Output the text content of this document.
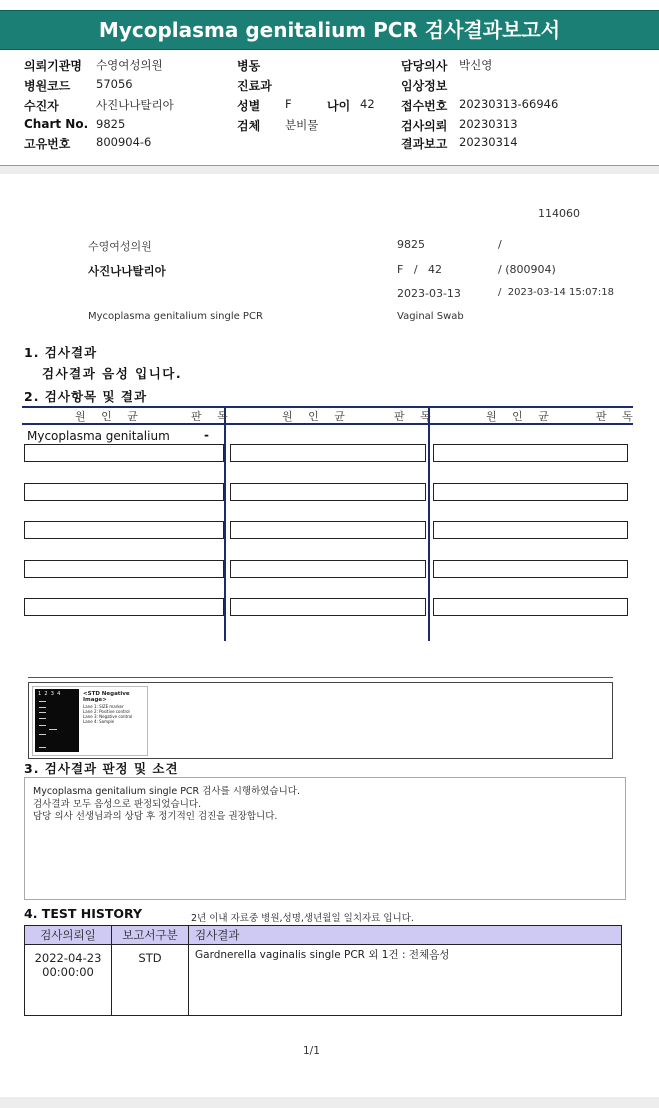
Mycoplasma genitalium PCR 검사결과보고서
의뢰기관명 수영여성의원	병동	담당의사 박신영
병원코드 57056	진료과	임상정보
수진자	사진나나탈리아	성별 F	나이 42 접수번호 20230313-66946
Chart No. 9825	검체 분비물	검사의뢰 20230313
고유번호 800904-6	결과보고 20230314
114060
수영여성의원	9825	/
사진나나탈리아	F   /   42	/ (800904)
2023-03-13	/  2023-03-14 15:07:18
Mycoplasma genitalium single PCR	Vaginal Swab
1. 검사결과
검사결과 음성 입니다.
2. 검사항목 및 결과
원 인 균	판 독	원 인 균	판 독	원 인 균	판 독
Mycoplasma genitalium	-
1  2  3  4	<STD Negative Image>
Lane 1: SIZE marker
Lane 2: Positive control
Lane 3: Negative control
Lane 4: Sample
3. 검사결과 판정 및 소견
Mycoplasma genitalium single PCR 검사를 시행하였습니다.
검사결과 모두 음성으로 판정되었습니다.
담당 의사 선생님과의 상담 후 정기적인 검진을 권장합니다.
4. TEST HISTORY	2년 이내 자료중 병원,성명,생년월일 일치자료 입니다.
검사의뢰일	보고서구분	검사결과

2022-04-23
00:00:00	STD	Gardnerella vaginalis single PCR 외 1건 : 전체음성
1/1
